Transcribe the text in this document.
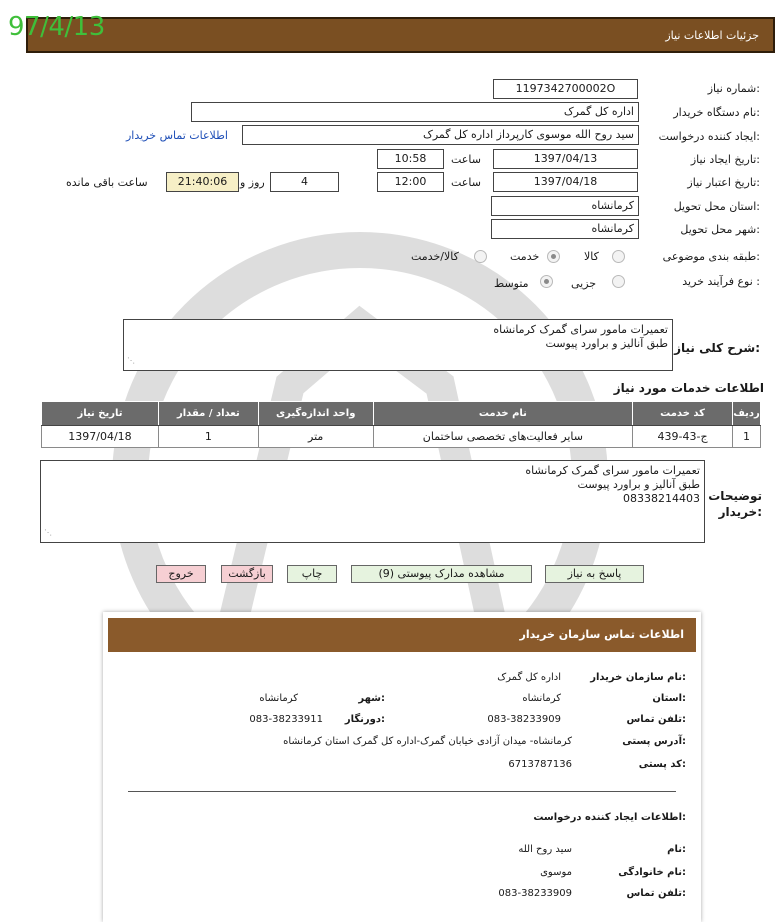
97/4/13	جزئیات اطلاعات نیاز
شماره نیاز:
1197342700002O
نام دستگاه خریدار:
اداره کل گمرک
ایجاد کننده درخواست:
سید روح الله موسوی کارپرداز اداره کل گمرک
اطلاعات تماس خریدار
تاریخ ایجاد نیاز:
1397/04/13
ساعت
10:58
تاریخ اعتبار نیاز:
1397/04/18
ساعت
12:00
4
روز و
21:40:06
ساعت باقی مانده
استان محل تحویل:
کرمانشاه
شهر محل تحویل:
کرمانشاه
طبقه بندی موضوعی:
کالا
خدمت
کالا/خدمت
نوع فرآیند خرید :
جزیی
متوسط
شرح کلی نیاز:
تعمیرات مامور سرای گمرک کرمانشاه
طبق آنالیز و براورد پیوست
⋰
اطلاعات خدمات مورد نیاز
ردیف	کد خدمت	نام خدمت	واحد اندازه‌گیری	تعداد / مقدار	تاریخ نیاز
1	ج-43-439	سایر فعالیت‌های تخصصی ساختمان	متر	1	1397/04/18
توضیحات خریدار:
تعمیرات مامور سرای گمرک کرمانشاه
طبق آنالیز و براورد پیوست
08338214403
⋰
پاسخ به نیاز
مشاهده مدارک پیوستی (9)
چاپ
بازگشت
خروج
اطلاعات تماس سازمان خریدار
نام سازمان خریدار:
اداره کل گمرک
استان:
کرمانشاه
شهر:
کرمانشاه
تلفن تماس:
083-38233909
دورنگار:
083-38233911
آدرس پستی:
کرمانشاه- میدان آزادی خیابان گمرک-اداره کل گمرک استان کرمانشاه
کد پستی:
6713787136
اطلاعات ایجاد کننده درخواست:
نام:
سید روح الله
نام خانوادگی:
موسوی
تلفن تماس:
083-38233909
